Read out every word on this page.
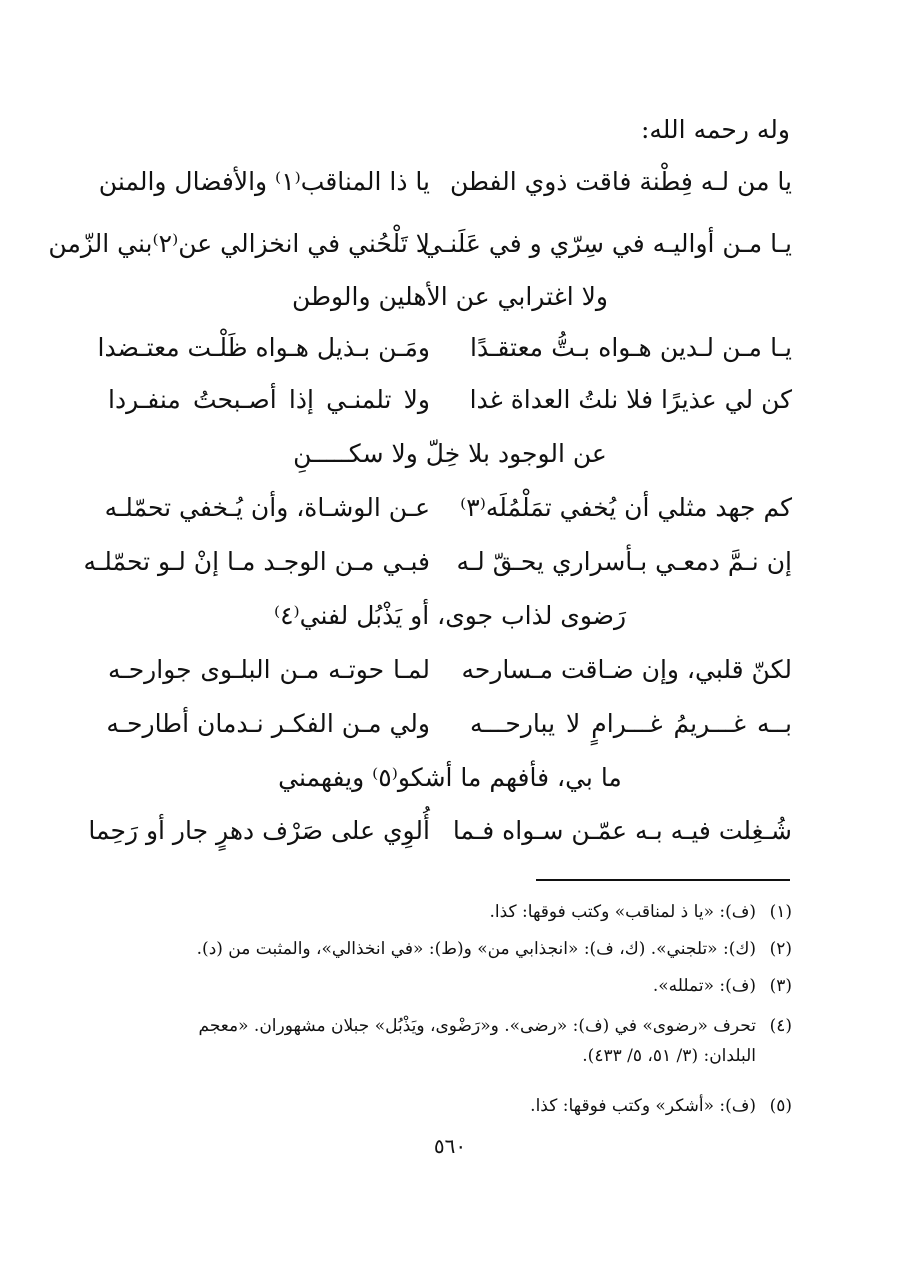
وله رحمه الله:
يا من لـه فِطْنة فاقت ذوي الفطن
يا ذا المناقب⁽١⁾ والأفضال والمنن
يـا مـن أواليـه في سِرّي و في عَلَنـي
لا تَلْحُني في انخزالي عن⁽٢⁾بني الزّمن
ولا اغترابي عن الأهلين والوطن
يـا مـن لـدين هـواه بـتُّ معتقـدًا
ومَـن بـذيل هـواه ظَلْـت معتـضدا
كن لي عذيرًا فلا نلتُ العداة غدا
ولا تلمنـي إذا أصـبحتُ منفـردا
عن الوجود بلا خِلّ ولا سكـــــنِ
كم جهد مثلي أن يُخفي تمَلْمُلَه⁽٣⁾
عـن الوشـاة، وأن يُـخفي تحمّلـه
إن نـمَّ دمعـي بـأسراري يحـقّ لـه
فبـي مـن الوجـد مـا إنْ لـو تحمّلـه
رَضوى لذاب جوى، أو يَذْبُل لفني⁽٤⁾
لكنّ قلبي، وإن ضـاقت مـسارحه
لمـا حوتـه مـن البلـوى جوارحـه
بــه غـــريمُ غـــرامٍ لا يبارحـــه
ولي مـن الفكـر نـدمان أطارحـه
ما بي، فأفهم ما أشكو⁽٥⁾ ويفهمني
شُـغِلت فيـه بـه عمّـن سـواه فـما
أُلوِي على صَرْف دهرٍ جار أو رَحِما
(١)(ف): «يا ذ لمناقب» وكتب فوقها: كذا.
(٢)(ك): «تلجني». (ك، ف): «انجذابي من» و(ط): «في انخذالي»، والمثبت من (د).
(٣)(ف): «تملله».
(٤)تحرف «رضوى» في (ف): «رضى». و«رَضْوى، ويَذْبُل» جبلان مشهوران. «معجم
البلدان: (٣/ ٥١، ٥/ ٤٣٣).
(٥)(ف): «أشكر» وكتب فوقها: كذا.
٥٦٠
